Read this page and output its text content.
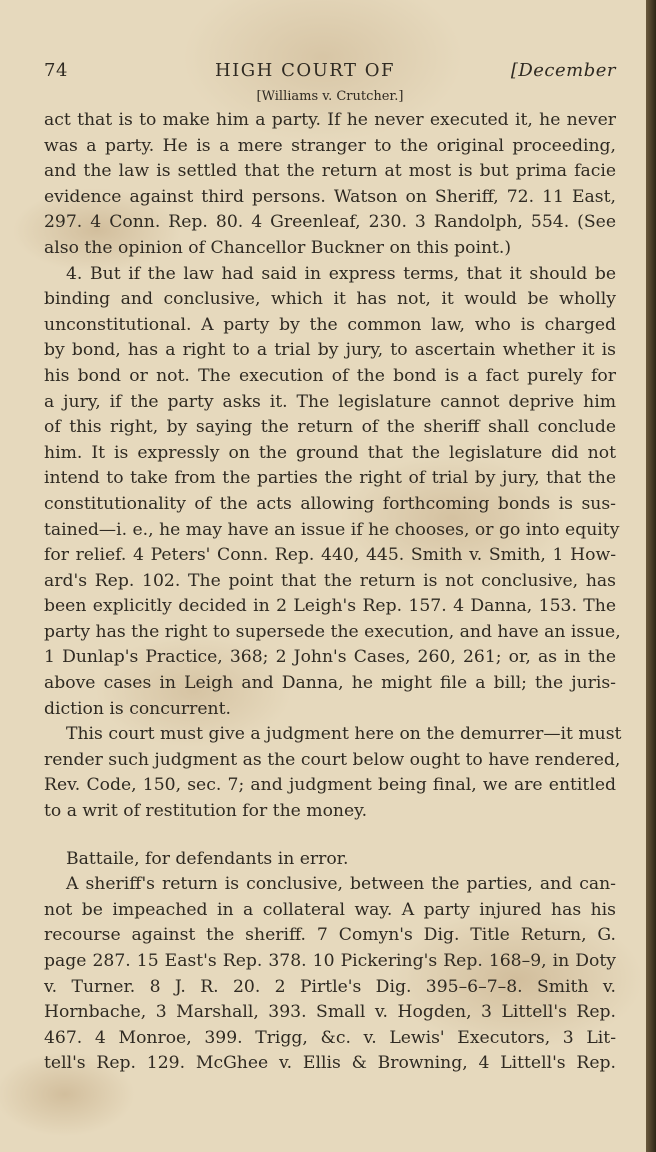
74	HIGH COURT OF	[December
[Williams v. Crutcher.]
act that is to make him a party. If he never executed it, he never
was a party. He is a mere stranger to the original proceeding,
and the law is settled that the return at most is but prima facie
evidence against third persons. Watson on Sheriff, 72. 11 East,
297. 4 Conn. Rep. 80. 4 Greenleaf, 230. 3 Randolph, 554. (See
also the opinion of Chancellor Buckner on this point.)
4. But if the law had said in express terms, that it should be
binding and conclusive, which it has not, it would be wholly
unconstitutional. A party by the common law, who is charged
by bond, has a right to a trial by jury, to ascertain whether it is
his bond or not. The execution of the bond is a fact purely for
a jury, if the party asks it. The legislature cannot deprive him
of this right, by saying the return of the sheriff shall conclude
him. It is expressly on the ground that the legislature did not
intend to take from the parties the right of trial by jury, that the
constitutionality of the acts allowing forthcoming bonds is sus-
tained—i. e., he may have an issue if he chooses, or go into equity
for relief. 4 Peters' Conn. Rep. 440, 445. Smith v. Smith, 1 How-
ard's Rep. 102. The point that the return is not conclusive, has
been explicitly decided in 2 Leigh's Rep. 157. 4 Danna, 153. The
party has the right to supersede the execution, and have an issue,
1 Dunlap's Practice, 368; 2 John's Cases, 260, 261; or, as in the
above cases in Leigh and Danna, he might file a bill; the juris-
diction is concurrent.
This court must give a judgment here on the demurrer—it must
render such judgment as the court below ought to have rendered,
Rev. Code, 150, sec. 7; and judgment being final, we are entitled
to a writ of restitution for the money.
Battaile, for defendants in error.
A sheriff's return is conclusive, between the parties, and can-
not be impeached in a collateral way. A party injured has his
recourse against the sheriff. 7 Comyn's Dig. Title Return, G.
page 287. 15 East's Rep. 378. 10 Pickering's Rep. 168–9, in Doty
v. Turner. 8 J. R. 20. 2 Pirtle's Dig. 395–6–7–8. Smith v.
Hornbache, 3 Marshall, 393. Small v. Hogden, 3 Littell's Rep.
467. 4 Monroe, 399. Trigg, &c. v. Lewis' Executors, 3 Lit-
tell's Rep. 129. McGhee v. Ellis & Browning, 4 Littell's Rep.
